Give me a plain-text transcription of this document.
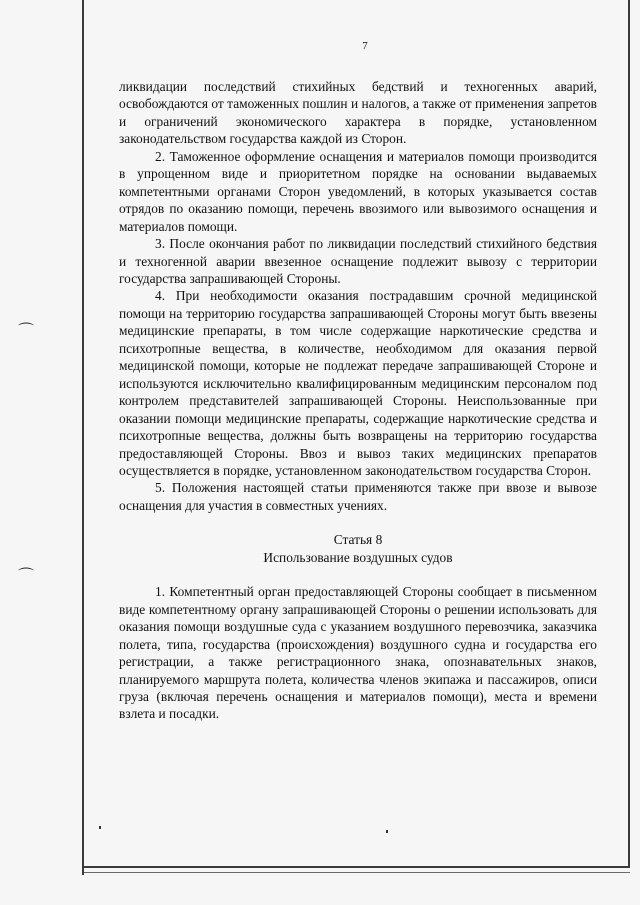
7
⌒
⌒

ликвидации последствий стихийных бедствий и техногенных аварий, освобождаются от таможенных пошлин и налогов, а также от применения запретов и ограничений экономического характера в порядке, установленном законодательством государства каждой из Сторон.

2. Таможенное оформление оснащения и материалов помощи производится в упрощенном виде и приоритетном порядке на основании выдаваемых компетентными органами Сторон уведомлений, в которых указывается состав отрядов по оказанию помощи, перечень ввозимого или вывозимого оснащения и материалов помощи.

3. После окончания работ по ликвидации последствий стихийного бедствия и техногенной аварии ввезенное оснащение подлежит вывозу с территории государства запрашивающей Стороны.

4. При необходимости оказания пострадавшим срочной медицинской помощи на территорию государства запрашивающей Стороны могут быть ввезены медицинские препараты, в том числе содержащие наркотические средства и психотропные вещества, в количестве, необходимом для оказания первой медицинской помощи, которые не подлежат передаче запрашивающей Стороне и используются исключительно квалифицированным медицинским персоналом под контролем представителей запрашивающей Стороны. Неиспользованные при оказании помощи медицинские препараты, содержащие наркотические средства и психотропные вещества, должны быть возвращены на территорию государства предоставляющей Стороны. Ввоз и вывоз таких медицинских препаратов осуществляется в порядке, установленном законодательством государства Сторон.

5. Положения настоящей статьи применяются также при ввозе и вывозе оснащения для участия в совместных учениях.

Статья 8

Использование воздушных судов

1. Компетентный орган предоставляющей Стороны сообщает в письменном виде компетентному органу запрашивающей Стороны о решении использовать для оказания помощи воздушные суда с указанием воздушного перевозчика, заказчика полета, типа, государства (происхождения) воздушного судна и государства его регистрации, а также регистрационного знака, опознавательных знаков, планируемого маршрута полета, количества членов экипажа и пассажиров, описи груза (включая перечень оснащения и материалов помощи), места и времени взлета и посадки.
